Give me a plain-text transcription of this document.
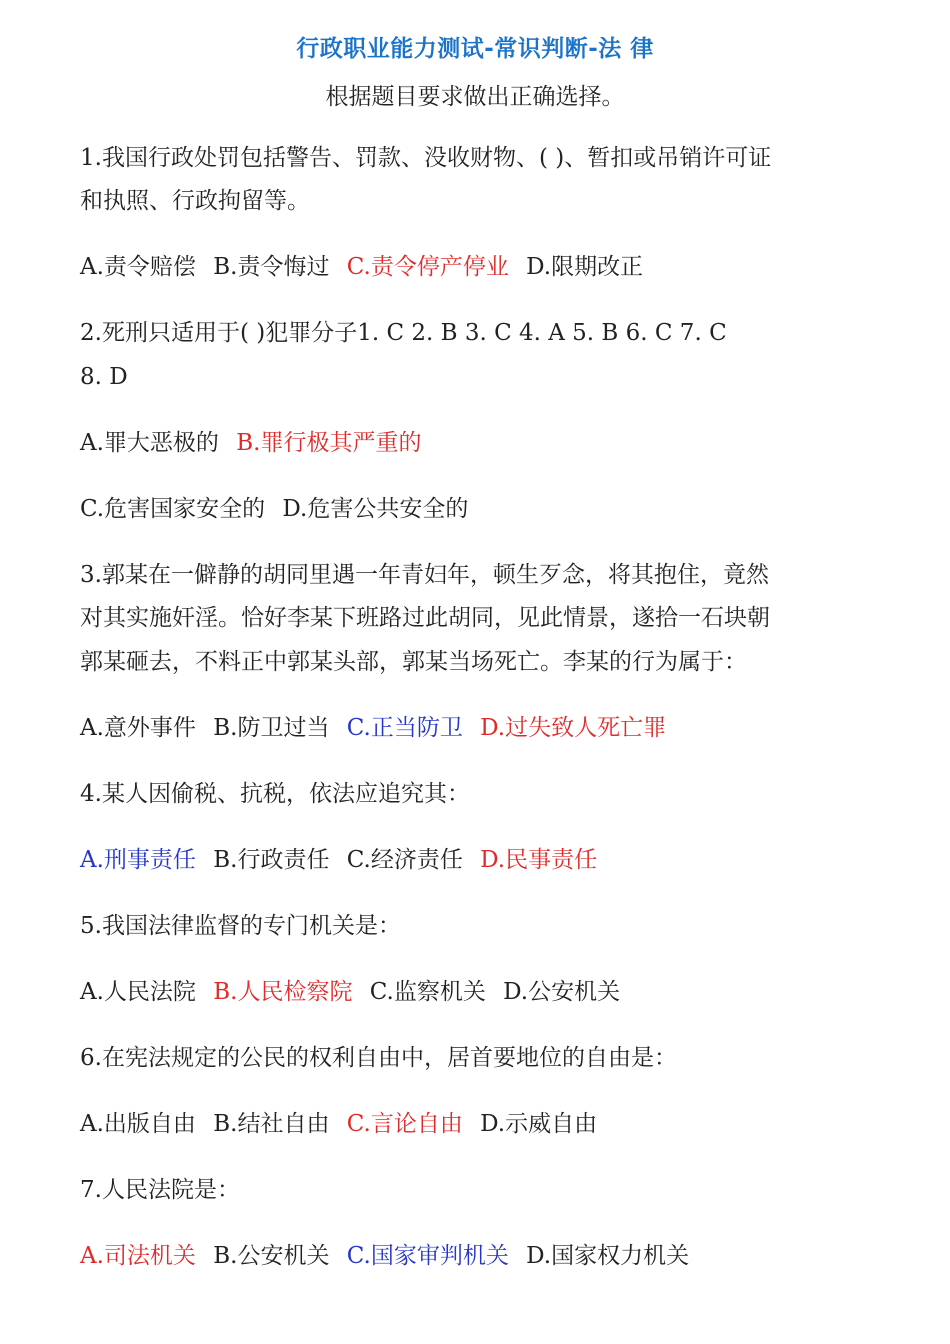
行政职业能力测试-常识判断-法 律
根据题目要求做出正确选择。
1.我国行政处罚包括警告、罚款、没收财物、( )、暂扣或吊销许可证
和执照、行政拘留等。
A.责令赔偿 B.责令悔过 C.责令停产停业 D.限期改正
2.死刑只适用于( )犯罪分子1. C 2. B 3. C 4. A 5. B 6. C 7. C
8. D
A.罪大恶极的 B.罪行极其严重的
C.危害国家安全的 D.危害公共安全的
3.郭某在一僻静的胡同里遇一年青妇年，顿生歹念，将其抱住，竟然
对其实施奸淫。恰好李某下班路过此胡同，见此情景，遂拾一石块朝
郭某砸去，不料正中郭某头部，郭某当场死亡。李某的行为属于：
A.意外事件 B.防卫过当 C.正当防卫 D.过失致人死亡罪
4.某人因偷税、抗税，依法应追究其：
A.刑事责任 B.行政责任 C.经济责任 D.民事责任
5.我国法律监督的专门机关是：
A.人民法院 B.人民检察院 C.监察机关 D.公安机关
6.在宪法规定的公民的权利自由中，居首要地位的自由是：
A.出版自由 B.结社自由 C.言论自由 D.示威自由
7.人民法院是：
A.司法机关 B.公安机关 C.国家审判机关 D.国家权力机关
